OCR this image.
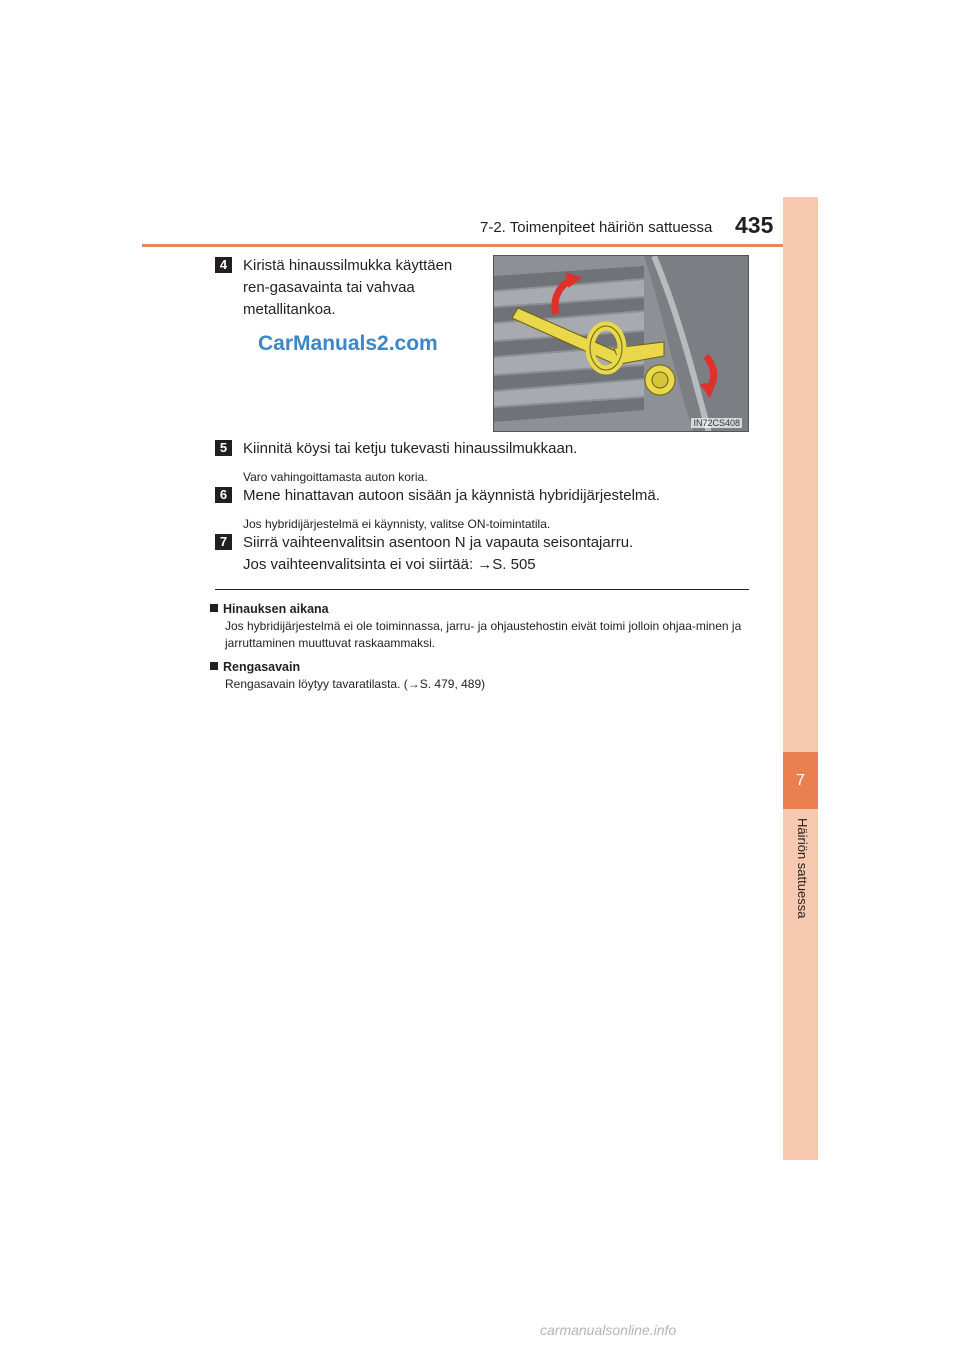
7-2. Toimenpiteet häiriön sattuessa 435
7
Häiriön sattuessa
4	Kiristä hinaussilmukka käyttäen ren-gasavainta tai vahvaa metallitankoa.
CarManuals2.com
IN72CS408
5	Kiinnitä köysi tai ketju tukevasti hinaussilmukkaan.
Varo vahingoittamasta auton koria.
6	Mene hinattavan autoon sisään ja käynnistä hybridijärjestelmä.
Jos hybridijärjestelmä ei käynnisty, valitse ON-toimintatila.
7	Siirrä vaihteenvalitsin asentoon N ja vapauta seisontajarru.
Jos vaihteenvalitsinta ei voi siirtää: →S. 505
Hinauksen aikana
Jos hybridijärjestelmä ei ole toiminnassa, jarru- ja ohjaustehostin eivät toimi jolloin ohjaa-minen ja jarruttaminen muuttuvat raskaammaksi.
Rengasavain
Rengasavain löytyy tavaratilasta. (→S. 479, 489)
carmanualsonline.info
